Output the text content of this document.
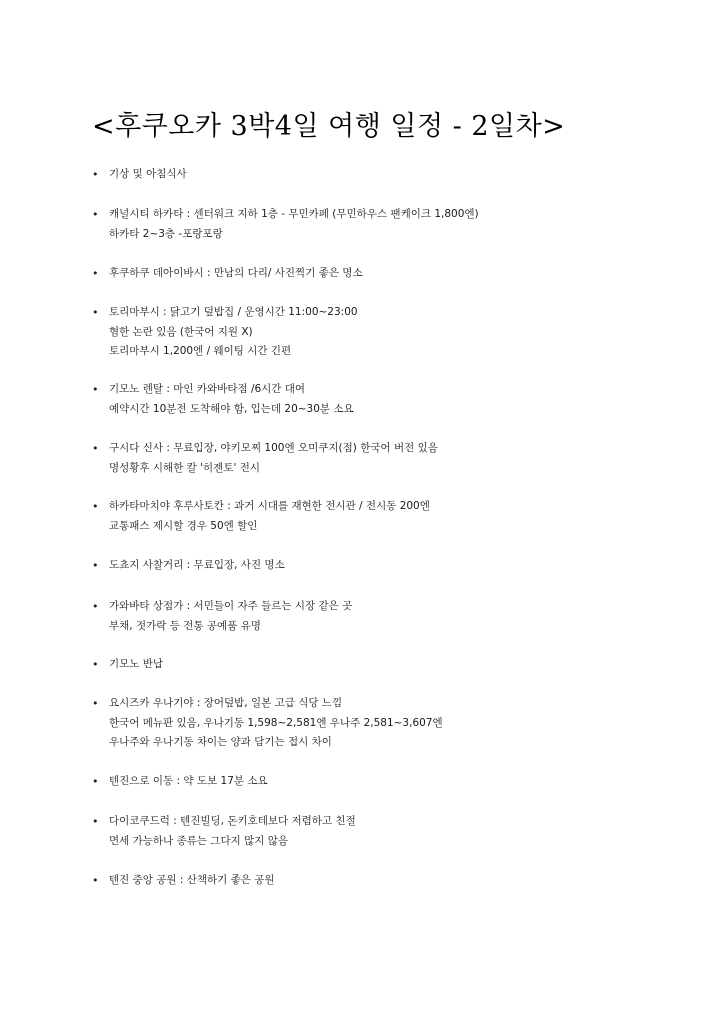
<후쿠오카 3박4일 여행 일정 - 2일차>
•	기상 및 아침식사
•	캐널시티 하카타 : 센터워크 지하 1층 - 무민카페 (무민하우스 팬케이크 1,800엔)
하카타 2~3층 -포랑포랑
•	후쿠하쿠 데아이바시 : 만남의 다리/ 사진찍기 좋은 명소
•	토리마부시 : 닭고기 덮밥집 / 운영시간 11:00~23:00
혐한 논란 있음 (한국어 지원 X)
토리마부시 1,200엔 / 웨이팅 시간 긴편
•	기모노 렌탈 : 마인 카와바타점 /6시간 대여
예약시간 10분전 도착해야 함, 입는데 20~30분 소요
•	구시다 신사 : 무료입장, 야키모찌 100엔 오미쿠지(점) 한국어 버전 있음
명성황후 시해한 칼 '히젠토' 전시
•	하카타마치야 후루사토칸 : 과거 시대를 재현한 전시관 / 전시동 200엔
교통패스 제시할 경우 50엔 할인
•	도쵸지 사찰거리 : 무료입장, 사진 명소
•	가와바타 상점가 : 서민들이 자주 들르는 시장 같은 곳
부채, 젓가락 등 전통 공예품 유명
•	기모노 반납
•	요시즈카 우나기야 : 장어덮밥, 일본 고급 식당 느낌
한국어 메뉴판 있음, 우나기동 1,598~2,581엔 우나주 2,581~3,607엔
우나주와 우나기동 차이는 양과 담기는 접시 차이
•	텐진으로 이동 : 약 도보 17분 소요
•	다이코쿠드럭 : 텐진빌딩, 돈키호테보다 저렴하고 친절
면세 가능하나 종류는 그다지 많지 않음
•	텐진 중앙 공원 : 산책하기 좋은 공원
